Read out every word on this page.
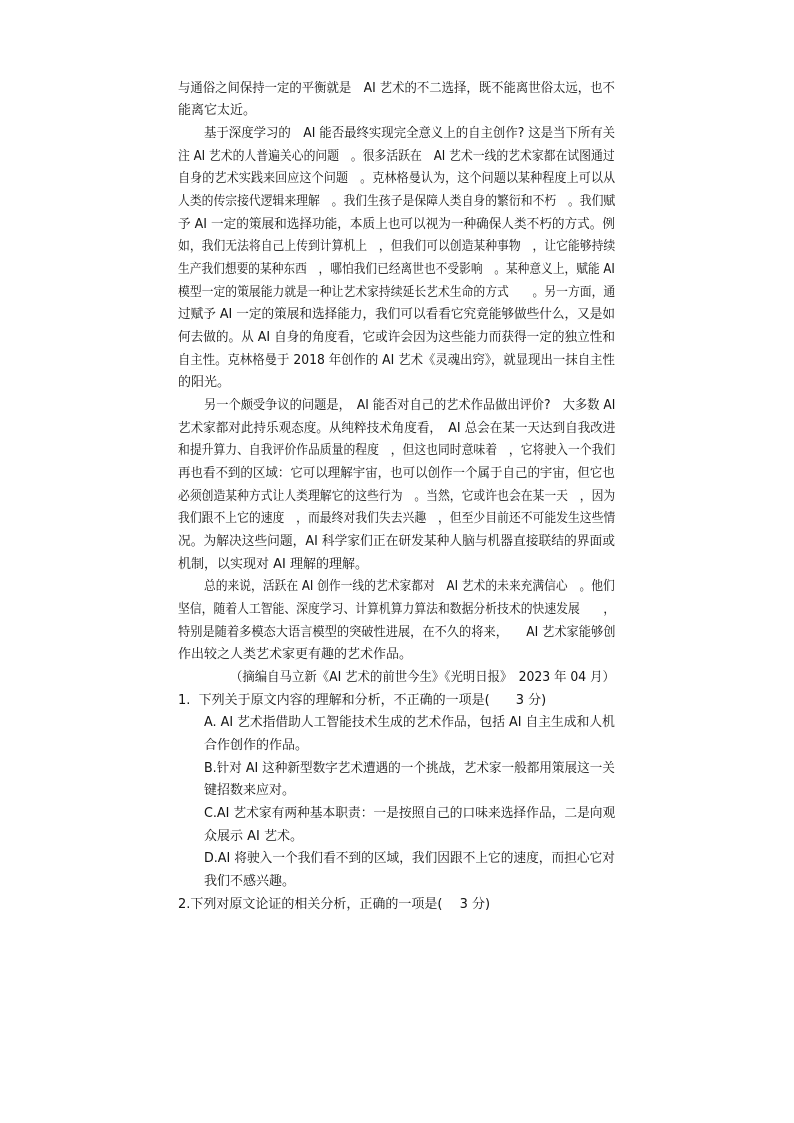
与通俗之间保持一定的平衡就是　AI 艺术的不二选择，既不能离世俗太远，也不
能离它太近。
基于深度学习的　AI 能否最终实现完全意义上的自主创作? 这是当下所有关
注 AI 艺术的人普遍关心的问题　。很多活跃在　AI 艺术一线的艺术家都在试图通过
自身的艺术实践来回应这个问题　。克林格曼认为，这个问题以某种程度上可以从
人类的传宗接代逻辑来理解　。我们生孩子是保障人类自身的繁衍和不朽　。我们赋
予 AI 一定的策展和选择功能，本质上也可以视为一种确保人类不朽的方式。例
如，我们无法将自己上传到计算机上　，但我们可以创造某种事物　，让它能够持续
生产我们想要的某种东西　，哪怕我们已经离世也不受影响　。某种意义上，赋能 AI
模型一定的策展能力就是一种让艺术家持续延长艺术生命的方式　　。另一方面，通
过赋予 AI 一定的策展和选择能力，我们可以看看它究竟能够做些什么，又是如
何去做的。从 AI 自身的角度看，它或许会因为这些能力而获得一定的独立性和
自主性。克林格曼于 2018 年创作的 AI 艺术《灵魂出窍》，就显现出一抹自主性
的阳光。
另一个颇受争议的问题是，　AI 能否对自己的艺术作品做出评价?　大多数 AI
艺术家都对此持乐观态度。从纯粹技术角度看，　AI 总会在某一天达到自我改进
和提升算力、自我评价作品质量的程度　，但这也同时意味着　，它将驶入一个我们
再也看不到的区域：它可以理解宇宙，也可以创作一个属于自己的宇宙，但它也
必须创造某种方式让人类理解它的这些行为　。当然，它或许也会在某一天　，因为
我们跟不上它的速度　，而最终对我们失去兴趣　，但至少目前还不可能发生这些情
况。为解决这些问题，AI 科学家们正在研发某种人脑与机器直接联结的界面或
机制，以实现对 AI 理解的理解。
总的来说，活跃在 AI 创作一线的艺术家都对　AI 艺术的未来充满信心　。他们
坚信，随着人工智能、深度学习、计算机算力算法和数据分析技术的快速发展　　，
特别是随着多模态大语言模型的突破性进展，在不久的将来，　　AI 艺术家能够创
作出较之人类艺术家更有趣的艺术作品。
（摘编自马立新《AI 艺术的前世今生》《光明日报》　2023 年 04 月）
1.  下列关于原文内容的理解和分析，不正确的一项是(　　3 分)
A. AI 艺术指借助人工智能技术生成的艺术作品，包括 AI 自主生成和人机
合作创作的作品。
B.针对 AI 这种新型数字艺术遭遇的一个挑战，艺术家一般都用策展这一关
键招数来应对。
C.AI 艺术家有两种基本职责：一是按照自己的口味来选择作品，二是向观
众展示 AI 艺术。
D.AI 将驶入一个我们看不到的区域，我们因跟不上它的速度，而担心它对
我们不感兴趣。
2.下列对原文论证的相关分析，正确的一项是(　 3 分)
